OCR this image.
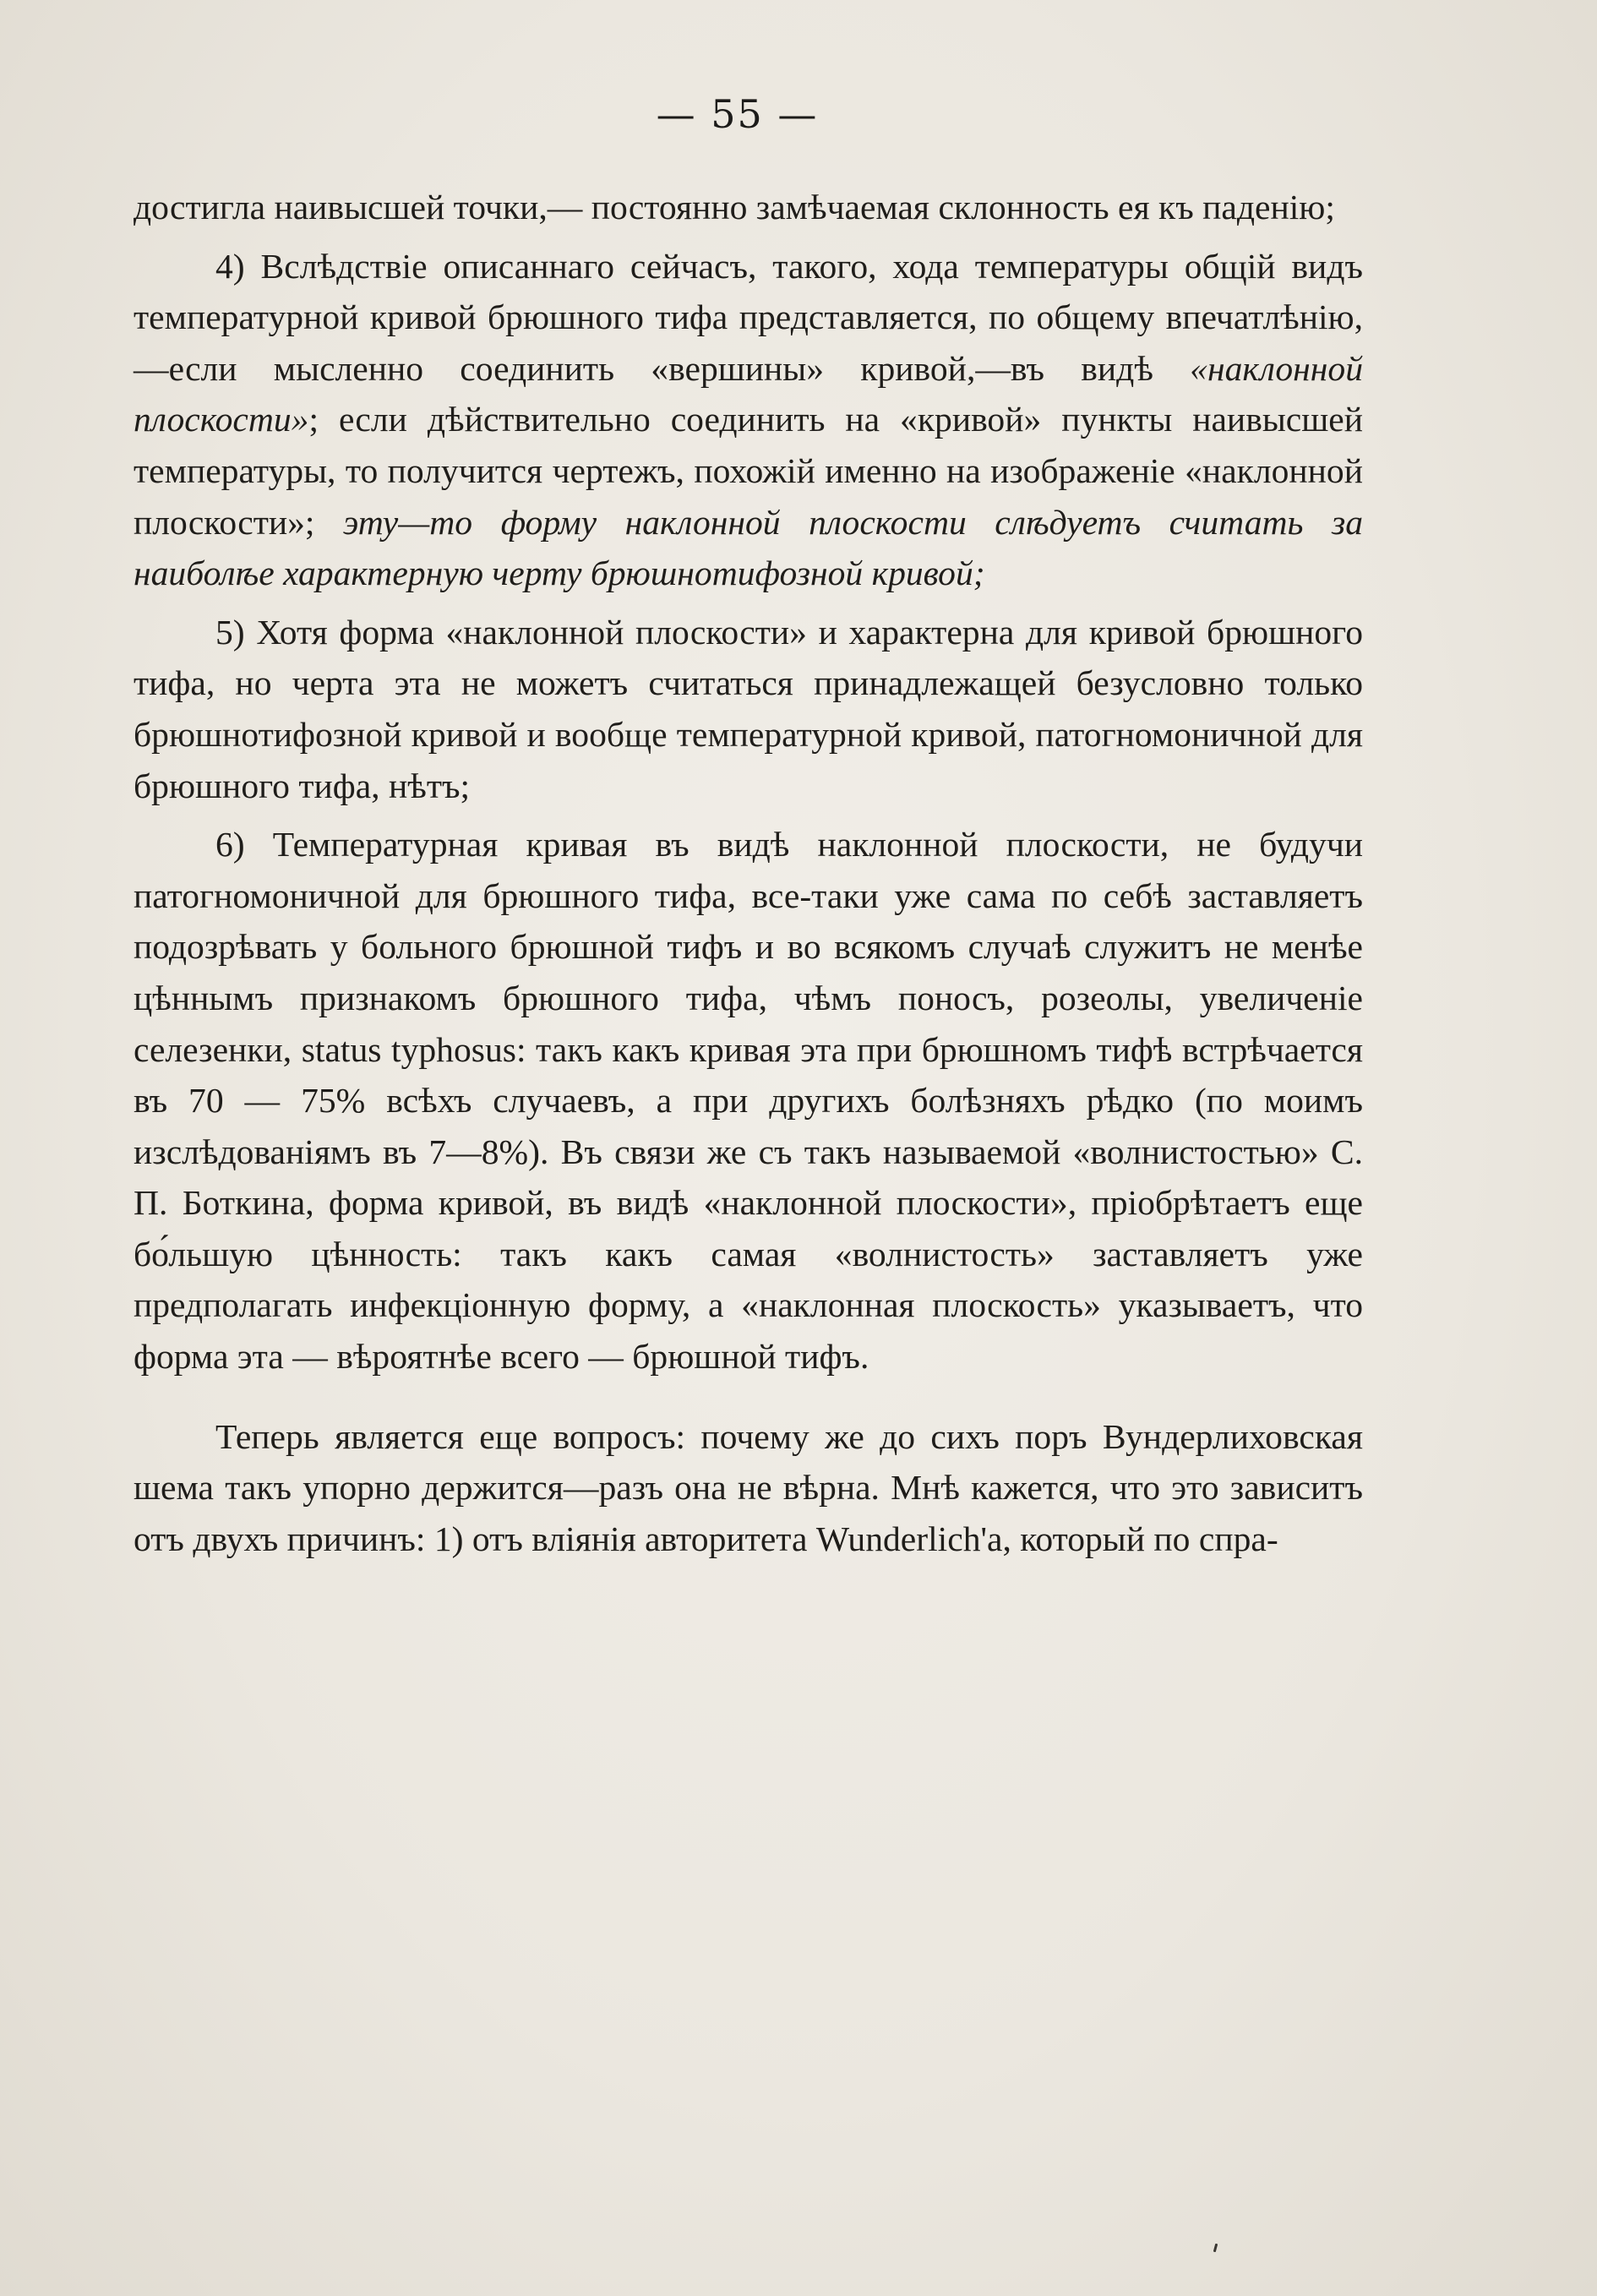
— 55 —

достигла наивысшей точки,— постоянно замѣчаемая склонность ея къ паденію;

4) Вслѣдствіе описаннаго сейчасъ, такого, хода температуры общій видъ температурной кривой брюшного тифа представляется, по общему впечатлѣнію,—если мысленно соединить «вершины» кривой,—въ видѣ «наклонной плоскости»; если дѣйствительно соединить на «кривой» пункты наивысшей температуры, то получится чертежъ, похожій именно на изображеніе «наклонной плоскости»; эту—то форму наклонной плоскости слѣдуетъ считать за наиболѣе характерную черту брюшнотифозной кривой;

5) Хотя форма «наклонной плоскости» и характерна для кривой брюшного тифа, но черта эта не можетъ считаться принадлежащей безусловно только брюшнотифозной кривой и вообще температурной кривой, патогномоничной для брюшного тифа, нѣтъ;

6) Температурная кривая въ видѣ наклонной плоскости, не будучи патогномоничной для брюшного тифа, все-таки уже сама по себѣ заставляетъ подозрѣвать у больного брюшной тифъ и во всякомъ случаѣ служитъ не менѣе цѣннымъ признакомъ брюшного тифа, чѣмъ поносъ, розеолы, увеличеніе селезенки, status typhosus: такъ какъ кривая эта при брюшномъ тифѣ встрѣчается въ 70 — 75% всѣхъ случаевъ, а при другихъ болѣзняхъ рѣдко (по моимъ изслѣдованіямъ въ 7—8%). Въ связи же съ такъ называемой «волнистостью» С. П. Боткина, форма кривой, въ видѣ «наклонной плоскости», пріобрѣтаетъ еще бо́льшую цѣнность: такъ какъ самая «волнистость» заставляетъ уже предполагать инфекціонную форму, а «наклонная плоскость» указываетъ, что форма эта — вѣроятнѣе всего — брюшной тифъ.

Теперь является еще вопросъ: почему же до сихъ поръ Вундерлиховская шема такъ упорно держится—разъ она не вѣрна. Мнѣ кажется, что это зависитъ отъ двухъ причинъ: 1) отъ вліянія авторитета Wunderlich'а, который по спра-
